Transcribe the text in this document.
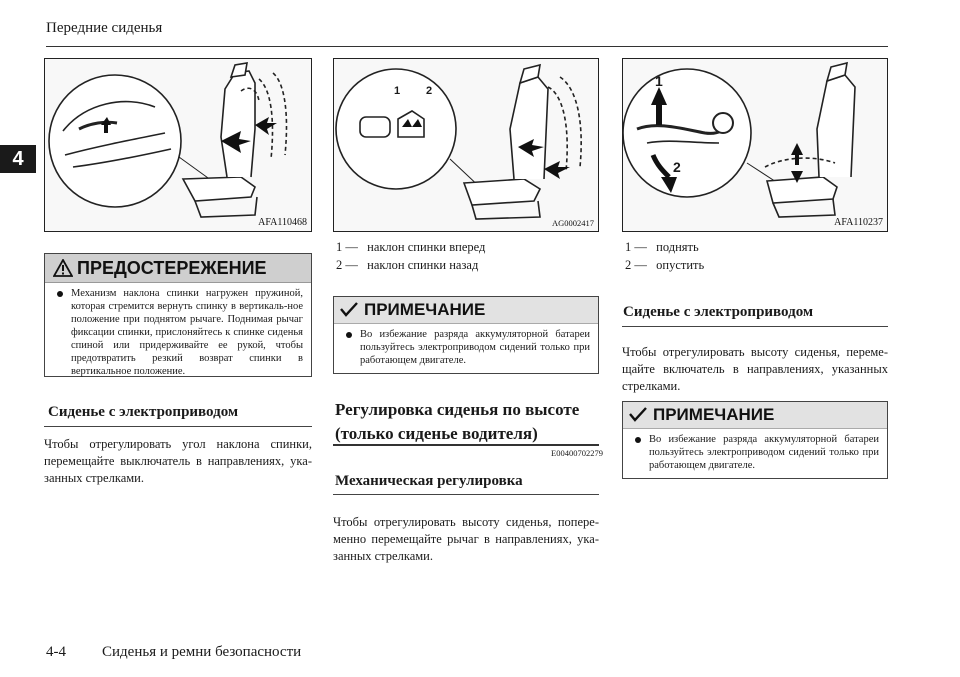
Передние сиденья
4
AFA110468
1 2
AG0002417
1
2
AFA110237
ПРЕДОСТЕРЕЖЕНИЕ
Механизм наклона спинки нагружен пружиной, которая стремится вернуть спинку в вертикаль-ное положение при поднятом рычаге. Поднимая рычаг фиксации спинки, прислоняйтесь к спинке сиденья спиной или придерживайте ее рукой, чтобы предотвратить резкий возврат спинки в вертикальное положение.
Сиденье с электроприводом
Чтобы отрегулировать угол наклона спинки, перемещайте выключатель в направлениях, ука-занных стрелками.
1 — наклон спинки вперед
2 — наклон спинки назад
ПРИМЕЧАНИЕ
Во избежание разряда аккумуляторной батареи пользуйтесь электроприводом сидений только при работающем двигателе.
Регулировка сиденья по высоте
(только сиденье водителя)
E00400702279
Механическая регулировка
Чтобы отрегулировать высоту сиденья, попере-менно перемещайте рычаг в направлениях, ука-занных стрелками.
1 — поднять
2 — опустить
Сиденье с электроприводом
Чтобы отрегулировать высоту сиденья, переме-щайте включатель в направлениях, указанных стрелками.
ПРИМЕЧАНИЕ
Во избежание разряда аккумуляторной батареи пользуйтесь электроприводом сидений только при работающем двигателе.
4-4 Сиденья и ремни безопасности
